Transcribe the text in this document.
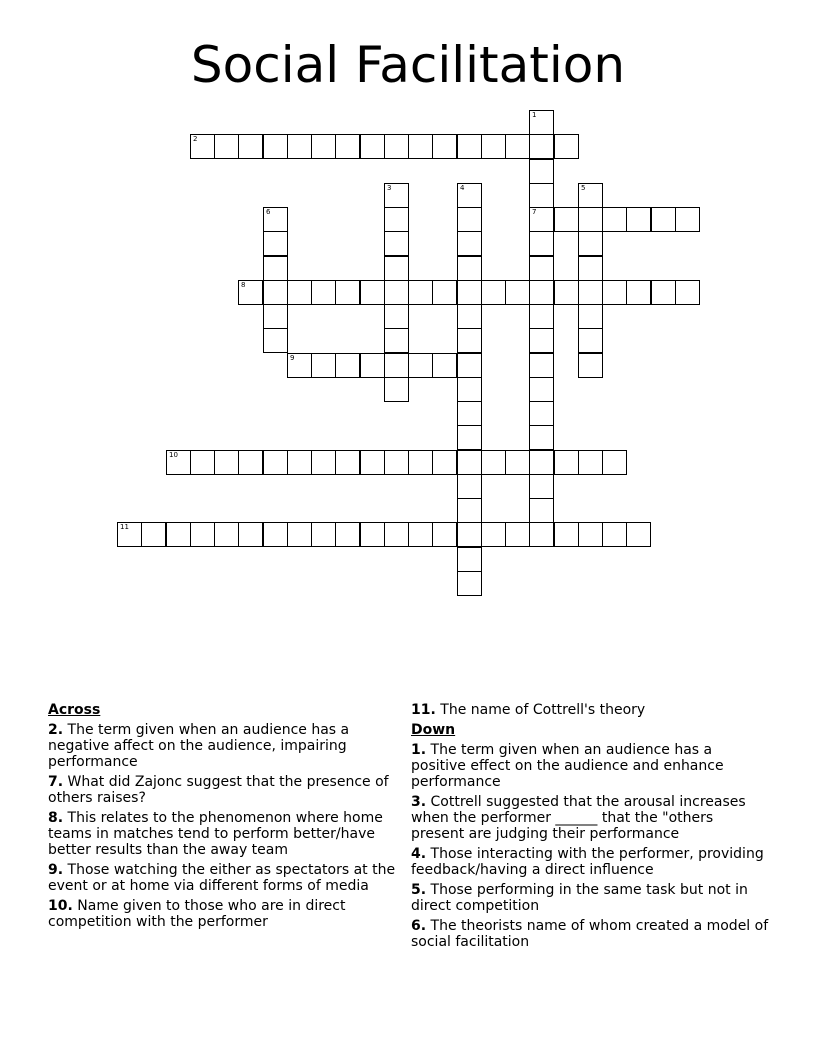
Social Facilitation
1
7
2
3	4	5
6
8
9
10
11
Across
2. The term given when an audience has a negative affect on the audience, impairing performance
7. What did Zajonc suggest that the presence of others raises?
8. This relates to the phenomenon where home teams in matches tend to perform better/have better results than the away team
9. Those watching the either as spectators at the event or at home via different forms of media
10. Name given to those who are in direct competition with the performer
11. The name of Cottrell's theory
Down
1. The term given when an audience has a positive effect on the audience and enhance performance
3. Cottrell suggested that the arousal increases when the performer ______ that the "others present are judging their performance
4. Those interacting with the performer, providing feedback/having a direct influence
5. Those performing in the same task but not in direct competition
6. The theorists name of whom created a model of social facilitation
